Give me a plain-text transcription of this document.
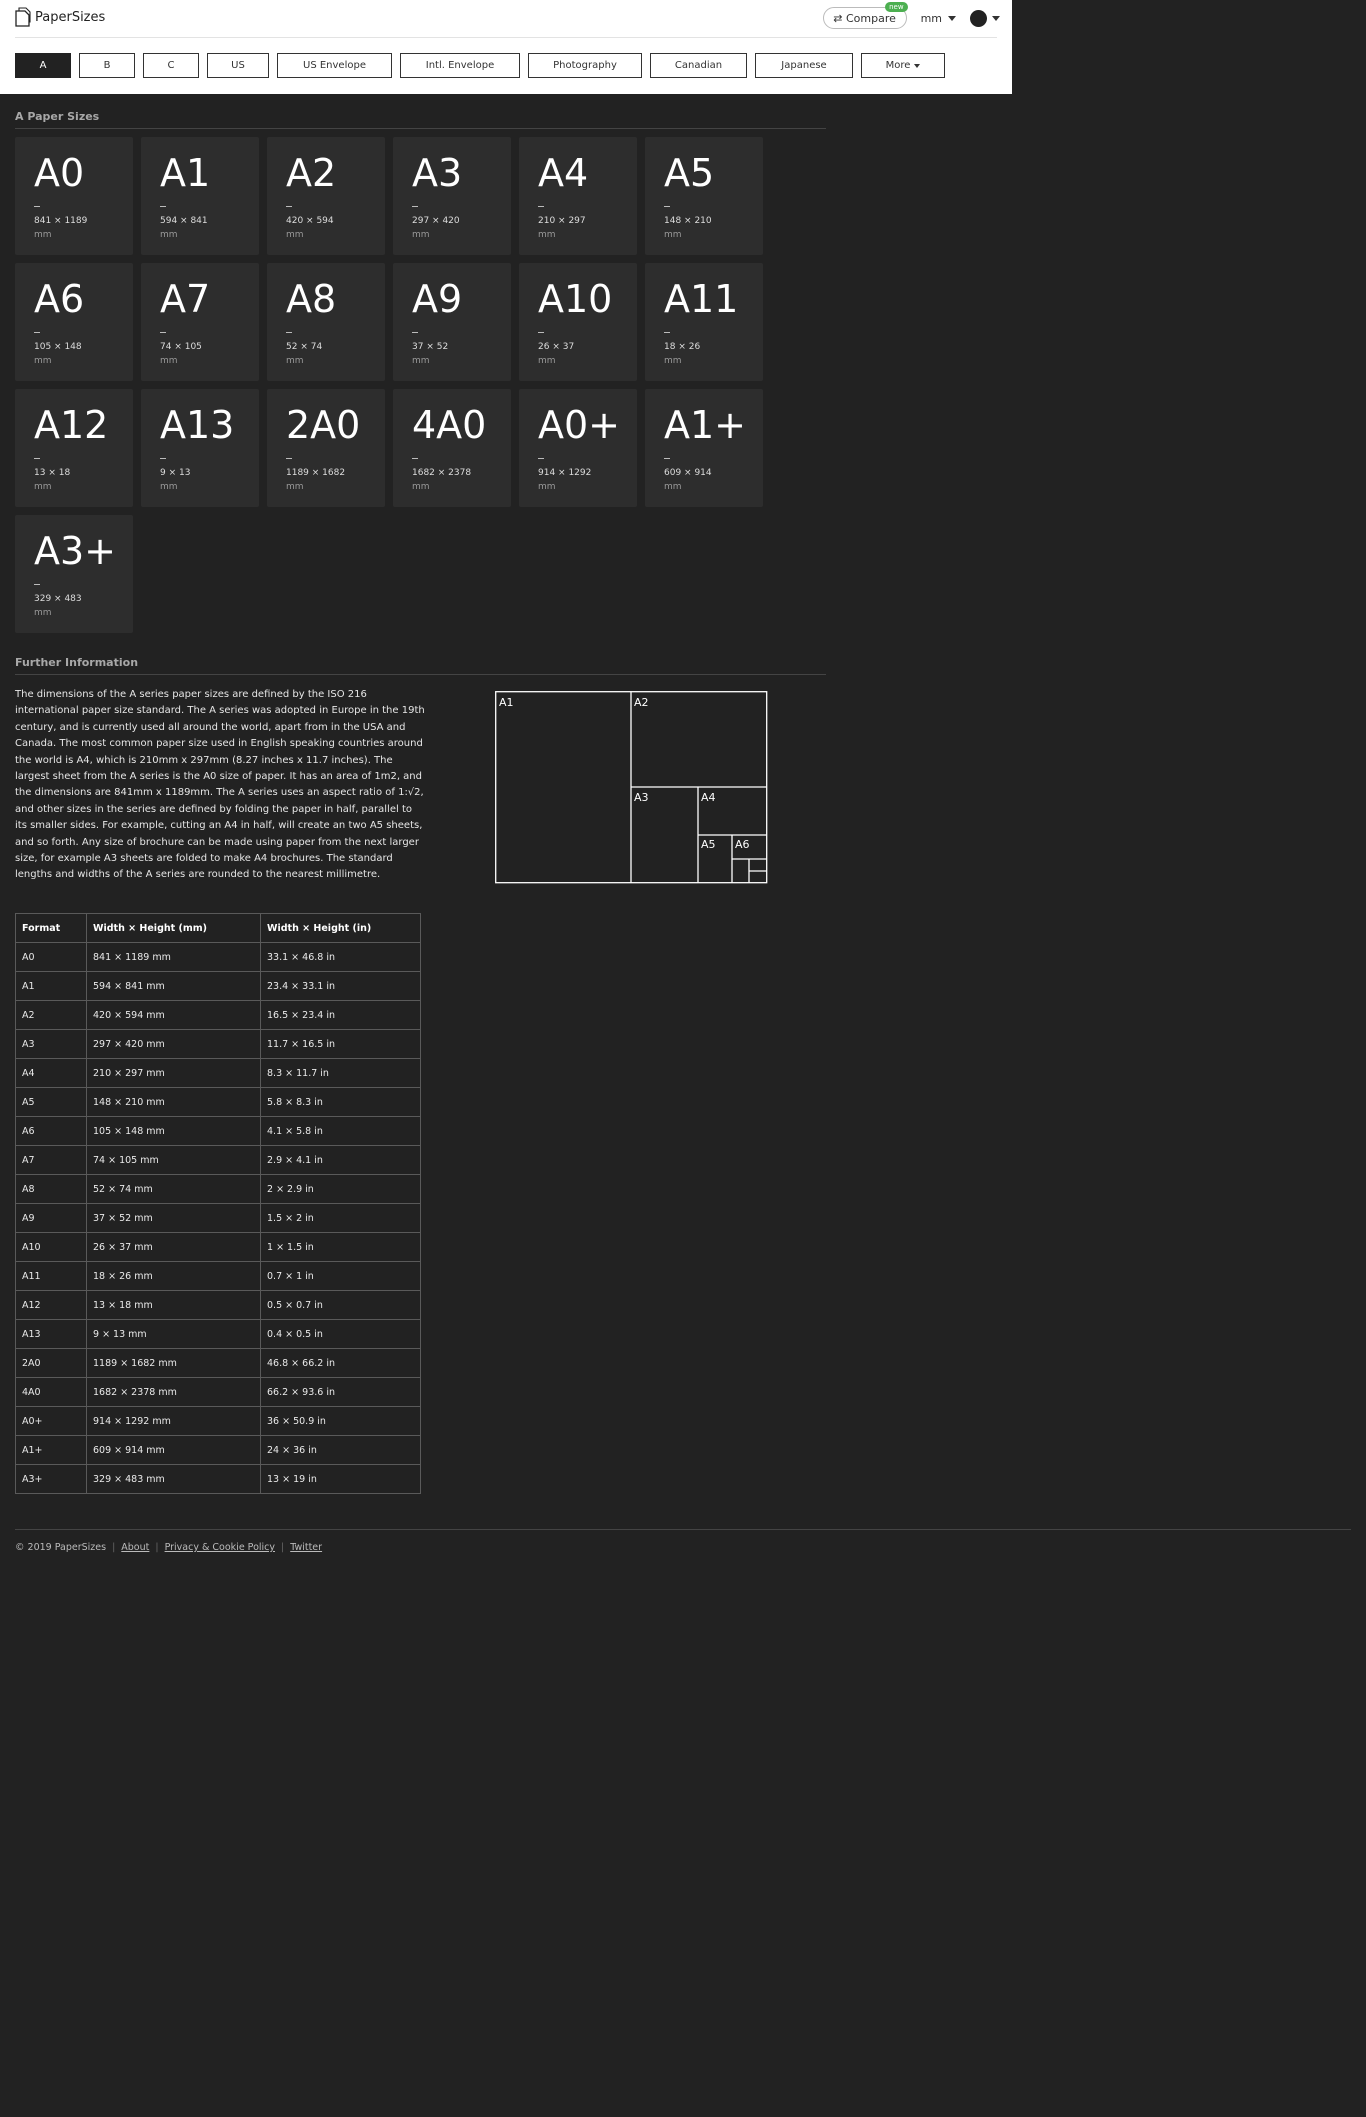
PaperSizes	⇄ Compare
new
mm
A	B	C	US	US Envelope	Intl. Envelope	Photography	Canadian	Japanese	More
A Paper Sizes
A0
841 × 1189
mm
A1
594 × 841
mm
A2
420 × 594
mm
A3
297 × 420
mm
A4
210 × 297
mm
A5
148 × 210
mm
A6
105 × 148
mm
A7
74 × 105
mm
A8
52 × 74
mm
A9
37 × 52
mm
A10
26 × 37
mm
A11
18 × 26
mm
A12
13 × 18
mm
A13
9 × 13
mm
2A0
1189 × 1682
mm
4A0
1682 × 2378
mm
A0+
914 × 1292
mm
A1+
609 × 914
mm
A3+
329 × 483
mm
Further Information
The dimensions of the A series paper sizes are defined by the ISO 216 international paper size standard. The A series was adopted in Europe in the 19th century, and is currently used all around the world, apart from in the USA and Canada. The most common paper size used in English speaking countries around the world is A4, which is 210mm x 297mm (8.27 inches x 11.7 inches). The largest sheet from the A series is the A0 size of paper. It has an area of 1m2, and the dimensions are 841mm x 1189mm. The A series uses an aspect ratio of 1:√2, and other sizes in the series are defined by folding the paper in half, parallel to its smaller sides. For example, cutting an A4 in half, will create an two A5 sheets, and so forth. Any size of brochure can be made using paper from the next larger size, for example A3 sheets are folded to make A4 brochures. The standard lengths and widths of the A series are rounded to the nearest millimetre.
A1	A2
A3	A4
A5 A6
Format	Width × Height (mm)	Width × Height (in)
A0	841 × 1189 mm	33.1 × 46.8 in
A1	594 × 841 mm	23.4 × 33.1 in
A2	420 × 594 mm	16.5 × 23.4 in
A3	297 × 420 mm	11.7 × 16.5 in
A4	210 × 297 mm	8.3 × 11.7 in
A5	148 × 210 mm	5.8 × 8.3 in
A6	105 × 148 mm	4.1 × 5.8 in
A7	74 × 105 mm	2.9 × 4.1 in
A8	52 × 74 mm	2 × 2.9 in
A9	37 × 52 mm	1.5 × 2 in
A10	26 × 37 mm	1 × 1.5 in
A11	18 × 26 mm	0.7 × 1 in
A12	13 × 18 mm	0.5 × 0.7 in
A13	9 × 13 mm	0.4 × 0.5 in
2A0	1189 × 1682 mm	46.8 × 66.2 in
4A0	1682 × 2378 mm	66.2 × 93.6 in
A0+	914 × 1292 mm	36 × 50.9 in
A1+	609 × 914 mm	24 × 36 in
A3+	329 × 483 mm	13 × 19 in
© 2019 PaperSizes | About | Privacy & Cookie Policy | Twitter
